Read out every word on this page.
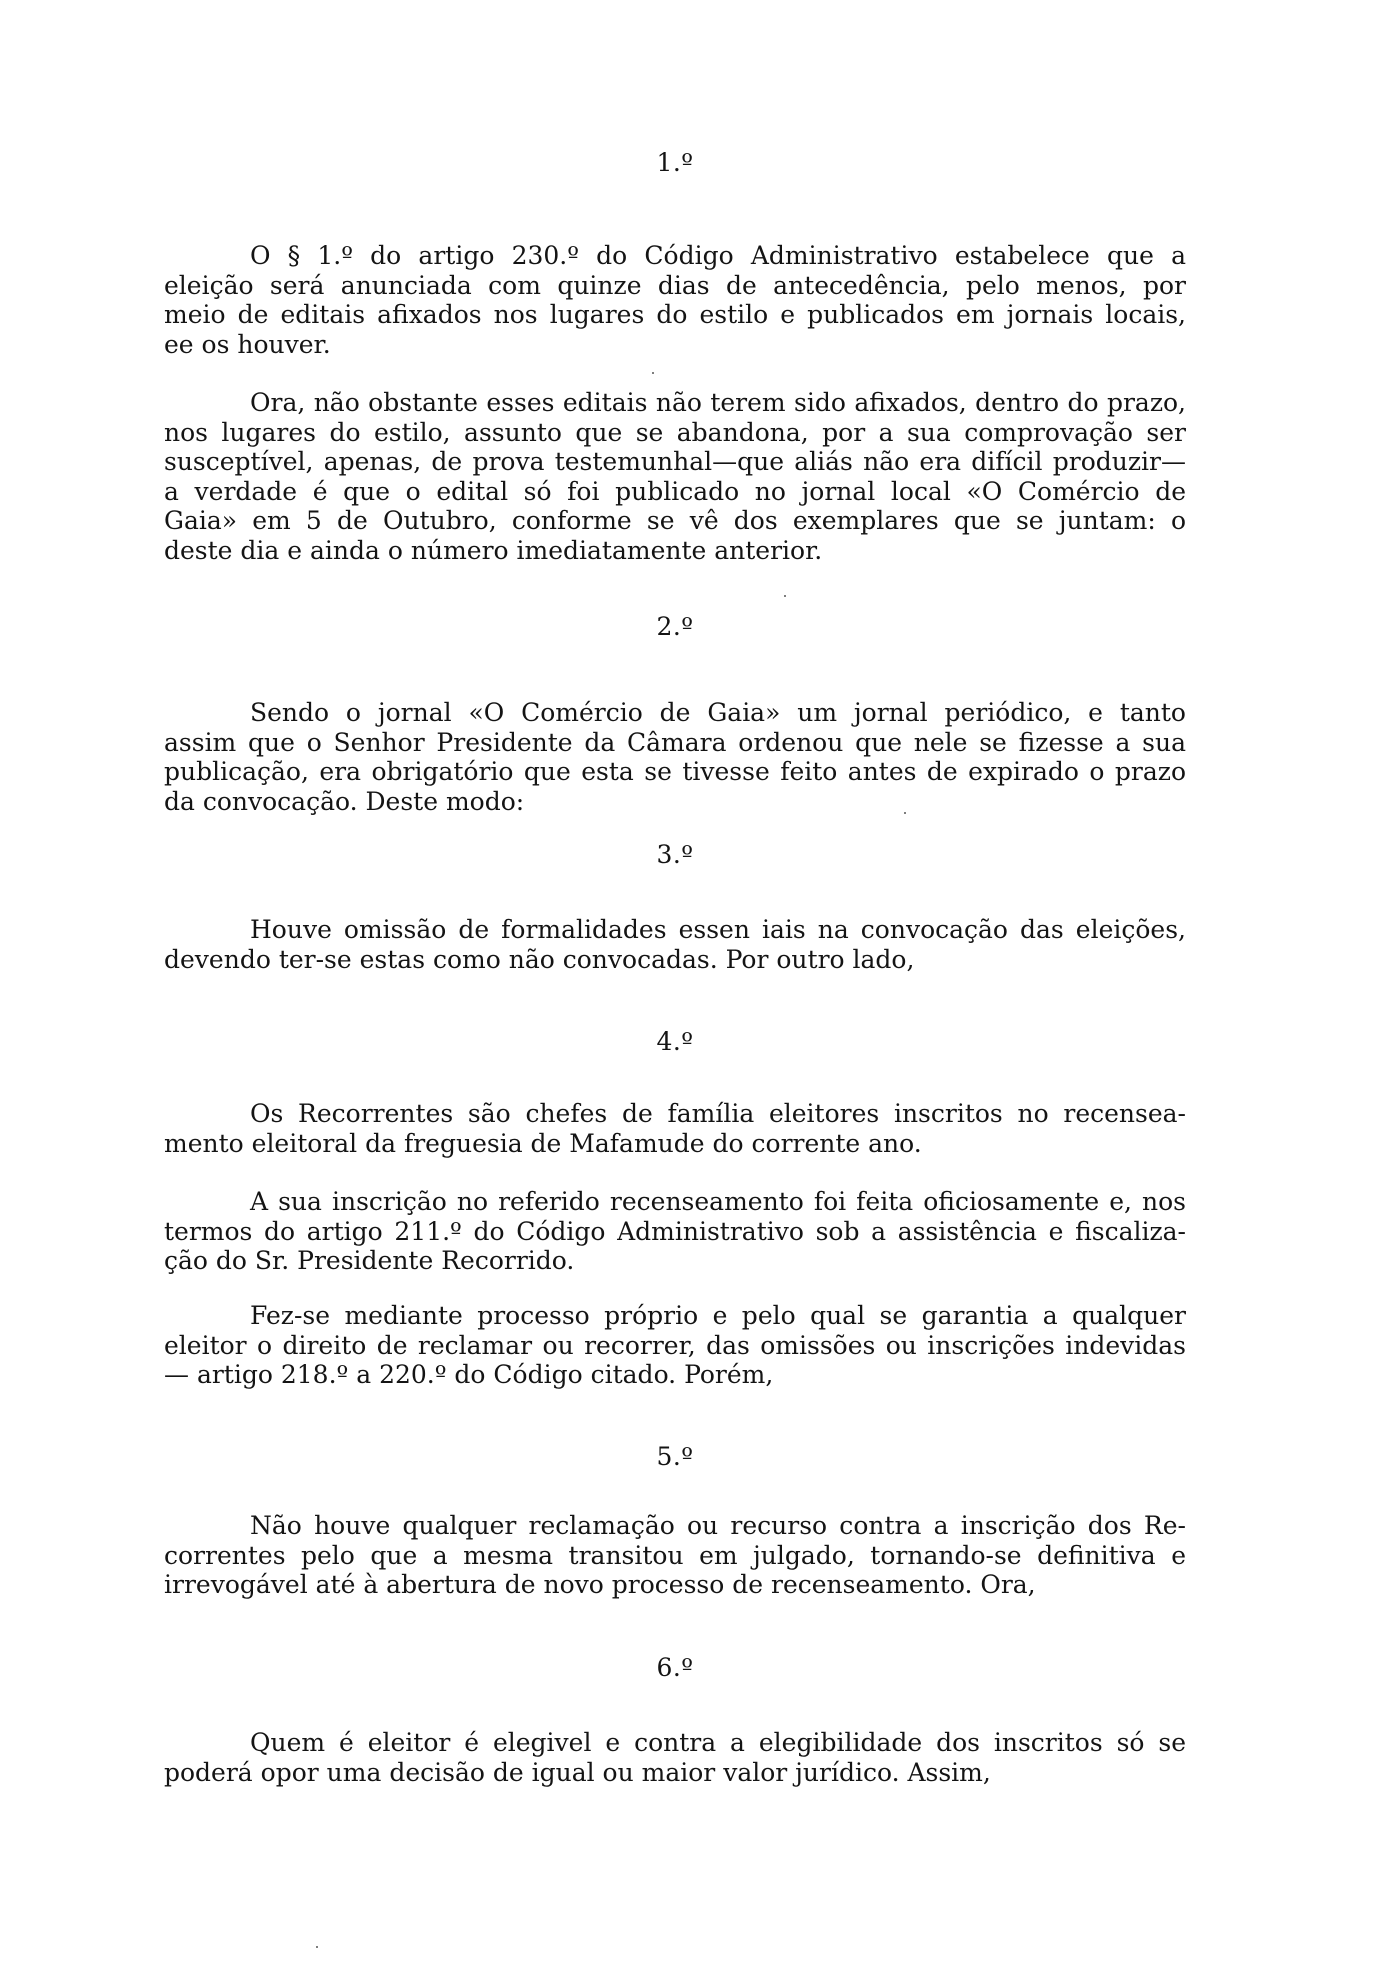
1.º

O § 1.º do artigo 230.º do Código Administrativo estabelece que a
eleição será anunciada com quinze dias de antecedência, pelo menos, por
meio de editais afixados nos lugares do estilo e publicados em jornais locais,
ee os houver.

Ora, não obstante esses editais não terem sido afixados, dentro do prazo,
nos lugares do estilo, assunto que se abandona, por a sua comprovação ser
susceptível, apenas, de prova testemunhal—que aliás não era difícil produzir—
a verdade é que o edital só foi publicado no jornal local «O Comércio de
Gaia» em 5 de Outubro, conforme se vê dos exemplares que se juntam: o
deste dia e ainda o número imediatamente anterior.

2.º

Sendo o jornal «O Comércio de Gaia» um jornal periódico, e tanto
assim que o Senhor Presidente da Câmara ordenou que nele se fizesse a sua
publicação, era obrigatório que esta se tivesse feito antes de expirado o prazo
da convocação. Deste modo:

3.º

Houve omissão de formalidades essen iais na convocação das eleições,
devendo ter-se estas como não convocadas. Por outro lado,

4.º

Os Recorrentes são chefes de família eleitores inscritos no recensea-
mento eleitoral da freguesia de Mafamude do corrente ano.

A sua inscrição no referido recenseamento foi feita oficiosamente e, nos
termos do artigo 211.º do Código Administrativo sob a assistência e fiscaliza-
ção do Sr. Presidente Recorrido.

Fez-se mediante processo próprio e pelo qual se garantia a qualquer
eleitor o direito de reclamar ou recorrer, das omissões ou inscrições indevidas
— artigo 218.º a 220.º do Código citado. Porém,

5.º

Não houve qualquer reclamação ou recurso contra a inscrição dos Re-
correntes pelo que a mesma transitou em julgado, tornando-se definitiva e
irrevogável até à abertura de novo processo de recenseamento. Ora,

6.º

Quem é eleitor é elegivel e contra a elegibilidade dos inscritos só se
poderá opor uma decisão de igual ou maior valor jurídico. Assim,
